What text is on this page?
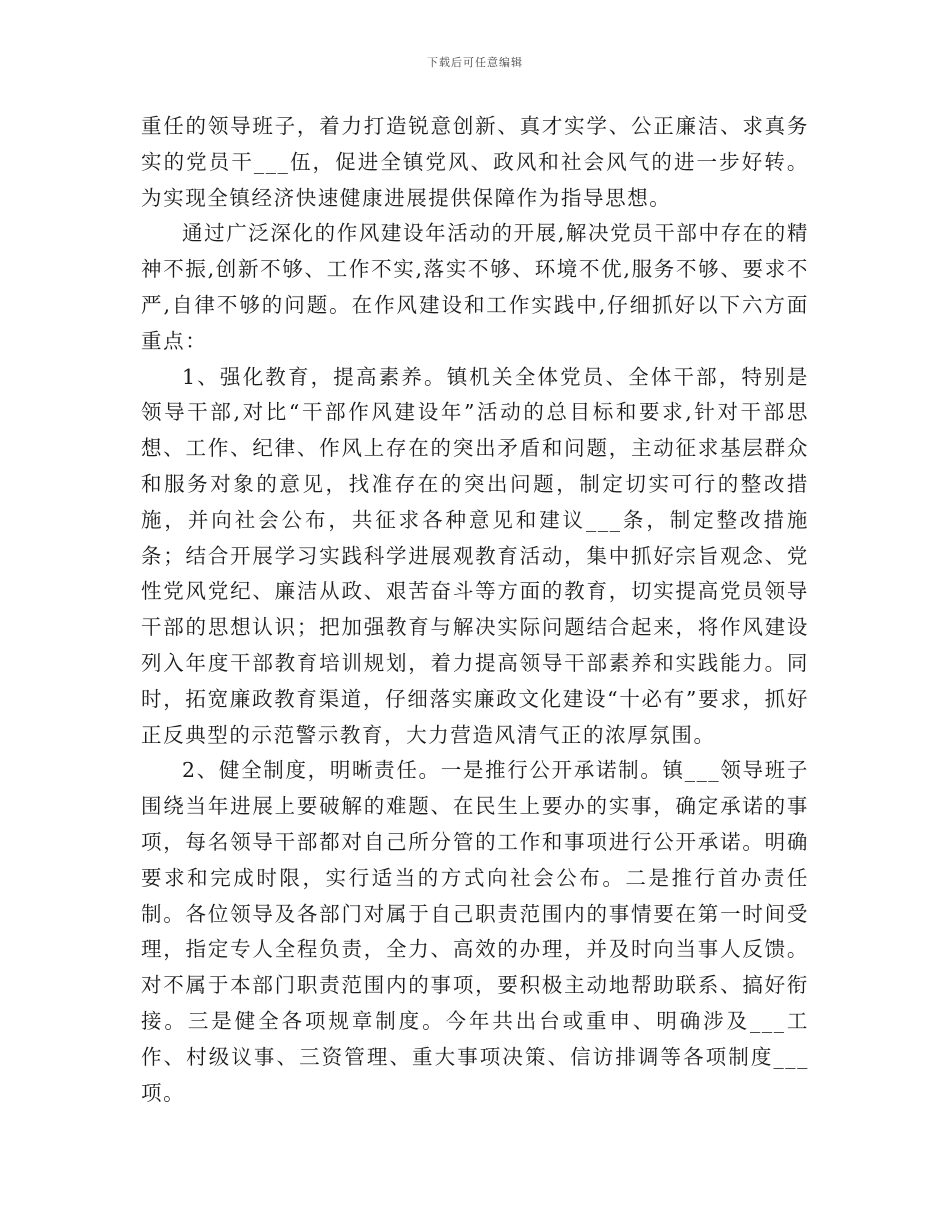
下载后可任意编辑

重任的领导班子，着力打造锐意创新、真才实学、公正廉洁、求真务实的党员干___伍，促进全镇党风、政风和社会风气的进一步好转。为实现全镇经济快速健康进展提供保障作为指导思想。

通过广泛深化的作风建设年活动的开展,解决党员干部中存在的精神不振,创新不够、工作不实,落实不够、环境不优,服务不够、要求不严,自律不够的问题。在作风建设和工作实践中,仔细抓好以下六方面重点：

1、强化教育，提高素养。镇机关全体党员、全体干部，特别是领导干部,对比“干部作风建设年”活动的总目标和要求,针对干部思想、工作、纪律、作风上存在的突出矛盾和问题，主动征求基层群众和服务对象的意见，找准存在的突出问题，制定切实可行的整改措施，并向社会公布，共征求各种意见和建议___条，制定整改措施条；结合开展学习实践科学进展观教育活动，集中抓好宗旨观念、党性党风党纪、廉洁从政、艰苦奋斗等方面的教育，切实提高党员领导干部的思想认识；把加强教育与解决实际问题结合起来，将作风建设列入年度干部教育培训规划，着力提高领导干部素养和实践能力。同时，拓宽廉政教育渠道，仔细落实廉政文化建设“十必有”要求，抓好正反典型的示范警示教育，大力营造风清气正的浓厚氛围。

2、健全制度，明晰责任。一是推行公开承诺制。镇___领导班子围绕当年进展上要破解的难题、在民生上要办的实事，确定承诺的事项，每名领导干部都对自己所分管的工作和事项进行公开承诺。明确要求和完成时限，实行适当的方式向社会公布。二是推行首办责任制。各位领导及各部门对属于自己职责范围内的事情要在第一时间受理，指定专人全程负责，全力、高效的办理，并及时向当事人反馈。对不属于本部门职责范围内的事项，要积极主动地帮助联系、搞好衔接。三是健全各项规章制度。今年共出台或重申、明确涉及___工作、村级议事、三资管理、重大事项决策、信访排调等各项制度___项。
